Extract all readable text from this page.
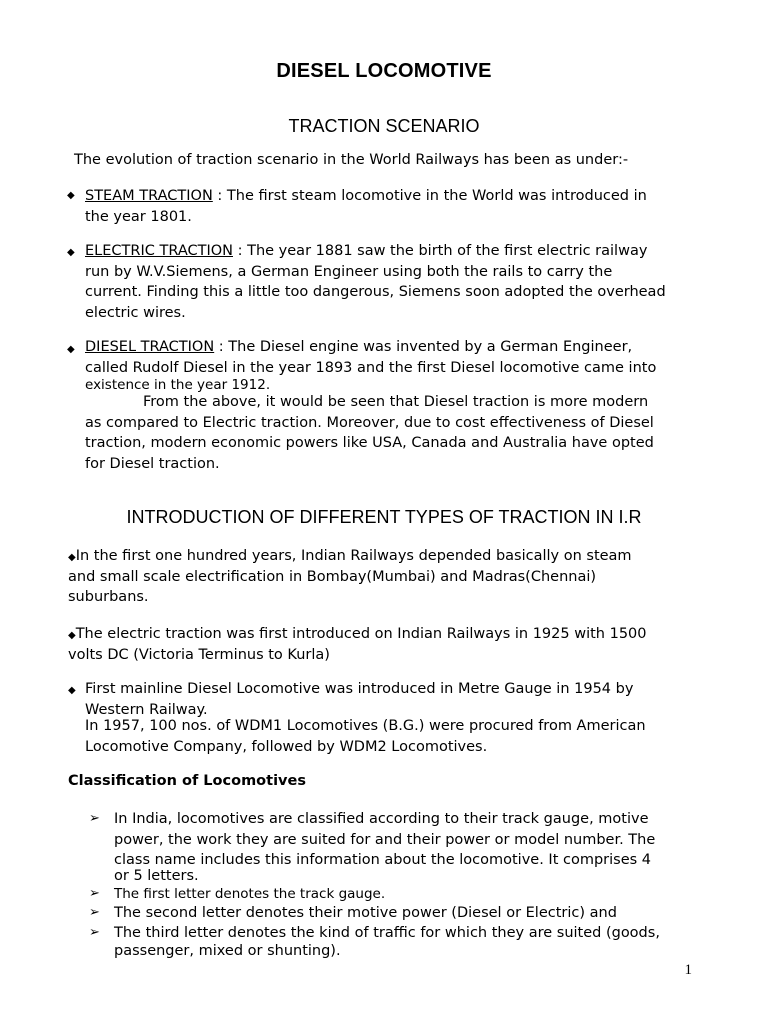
DIESEL LOCOMOTIVE
TRACTION SCENARIO
The evolution of traction scenario in the World Railways has been as under:-
◆ STEAM TRACTION : The first steam locomotive in the World was introduced in
the year 1801.
◆ ELECTRIC TRACTION : The year 1881 saw the birth of the first electric railway
run by W.V.Siemens, a German Engineer using both the rails to carry the
current. Finding this a little too dangerous, Siemens soon adopted the overhead
electric wires.
◆ DIESEL TRACTION : The Diesel engine was invented by a German Engineer,
called Rudolf Diesel in the year 1893 and the first Diesel locomotive came into
existence in the year 1912.
From the above, it would be seen that Diesel traction is more modern
as compared to Electric traction. Moreover, due to cost effectiveness of Diesel
traction, modern economic powers like USA, Canada and Australia have opted
for Diesel traction.
INTRODUCTION OF DIFFERENT TYPES OF TRACTION IN I.R
◆In the first one hundred years, Indian Railways depended basically on steam
and small scale electrification in Bombay(Mumbai) and Madras(Chennai)
suburbans.
◆The electric traction was first introduced on Indian Railways in 1925 with 1500
volts DC (Victoria Terminus to Kurla)
◆ First mainline Diesel Locomotive was introduced in Metre Gauge in 1954 by
Western Railway.
In 1957, 100 nos. of WDM1 Locomotives (B.G.) were procured from American
Locomotive Company, followed by WDM2 Locomotives.
Classification of Locomotives
➢ In India, locomotives are classified according to their track gauge, motive
power, the work they are suited for and their power or model number. The
class name includes this information about the locomotive. It comprises 4
or 5 letters.
➢ The first letter denotes the track gauge.
➢ The second letter denotes their motive power (Diesel or Electric) and
➢ The third letter denotes the kind of traffic for which they are suited (goods,
passenger, mixed or shunting).
1
